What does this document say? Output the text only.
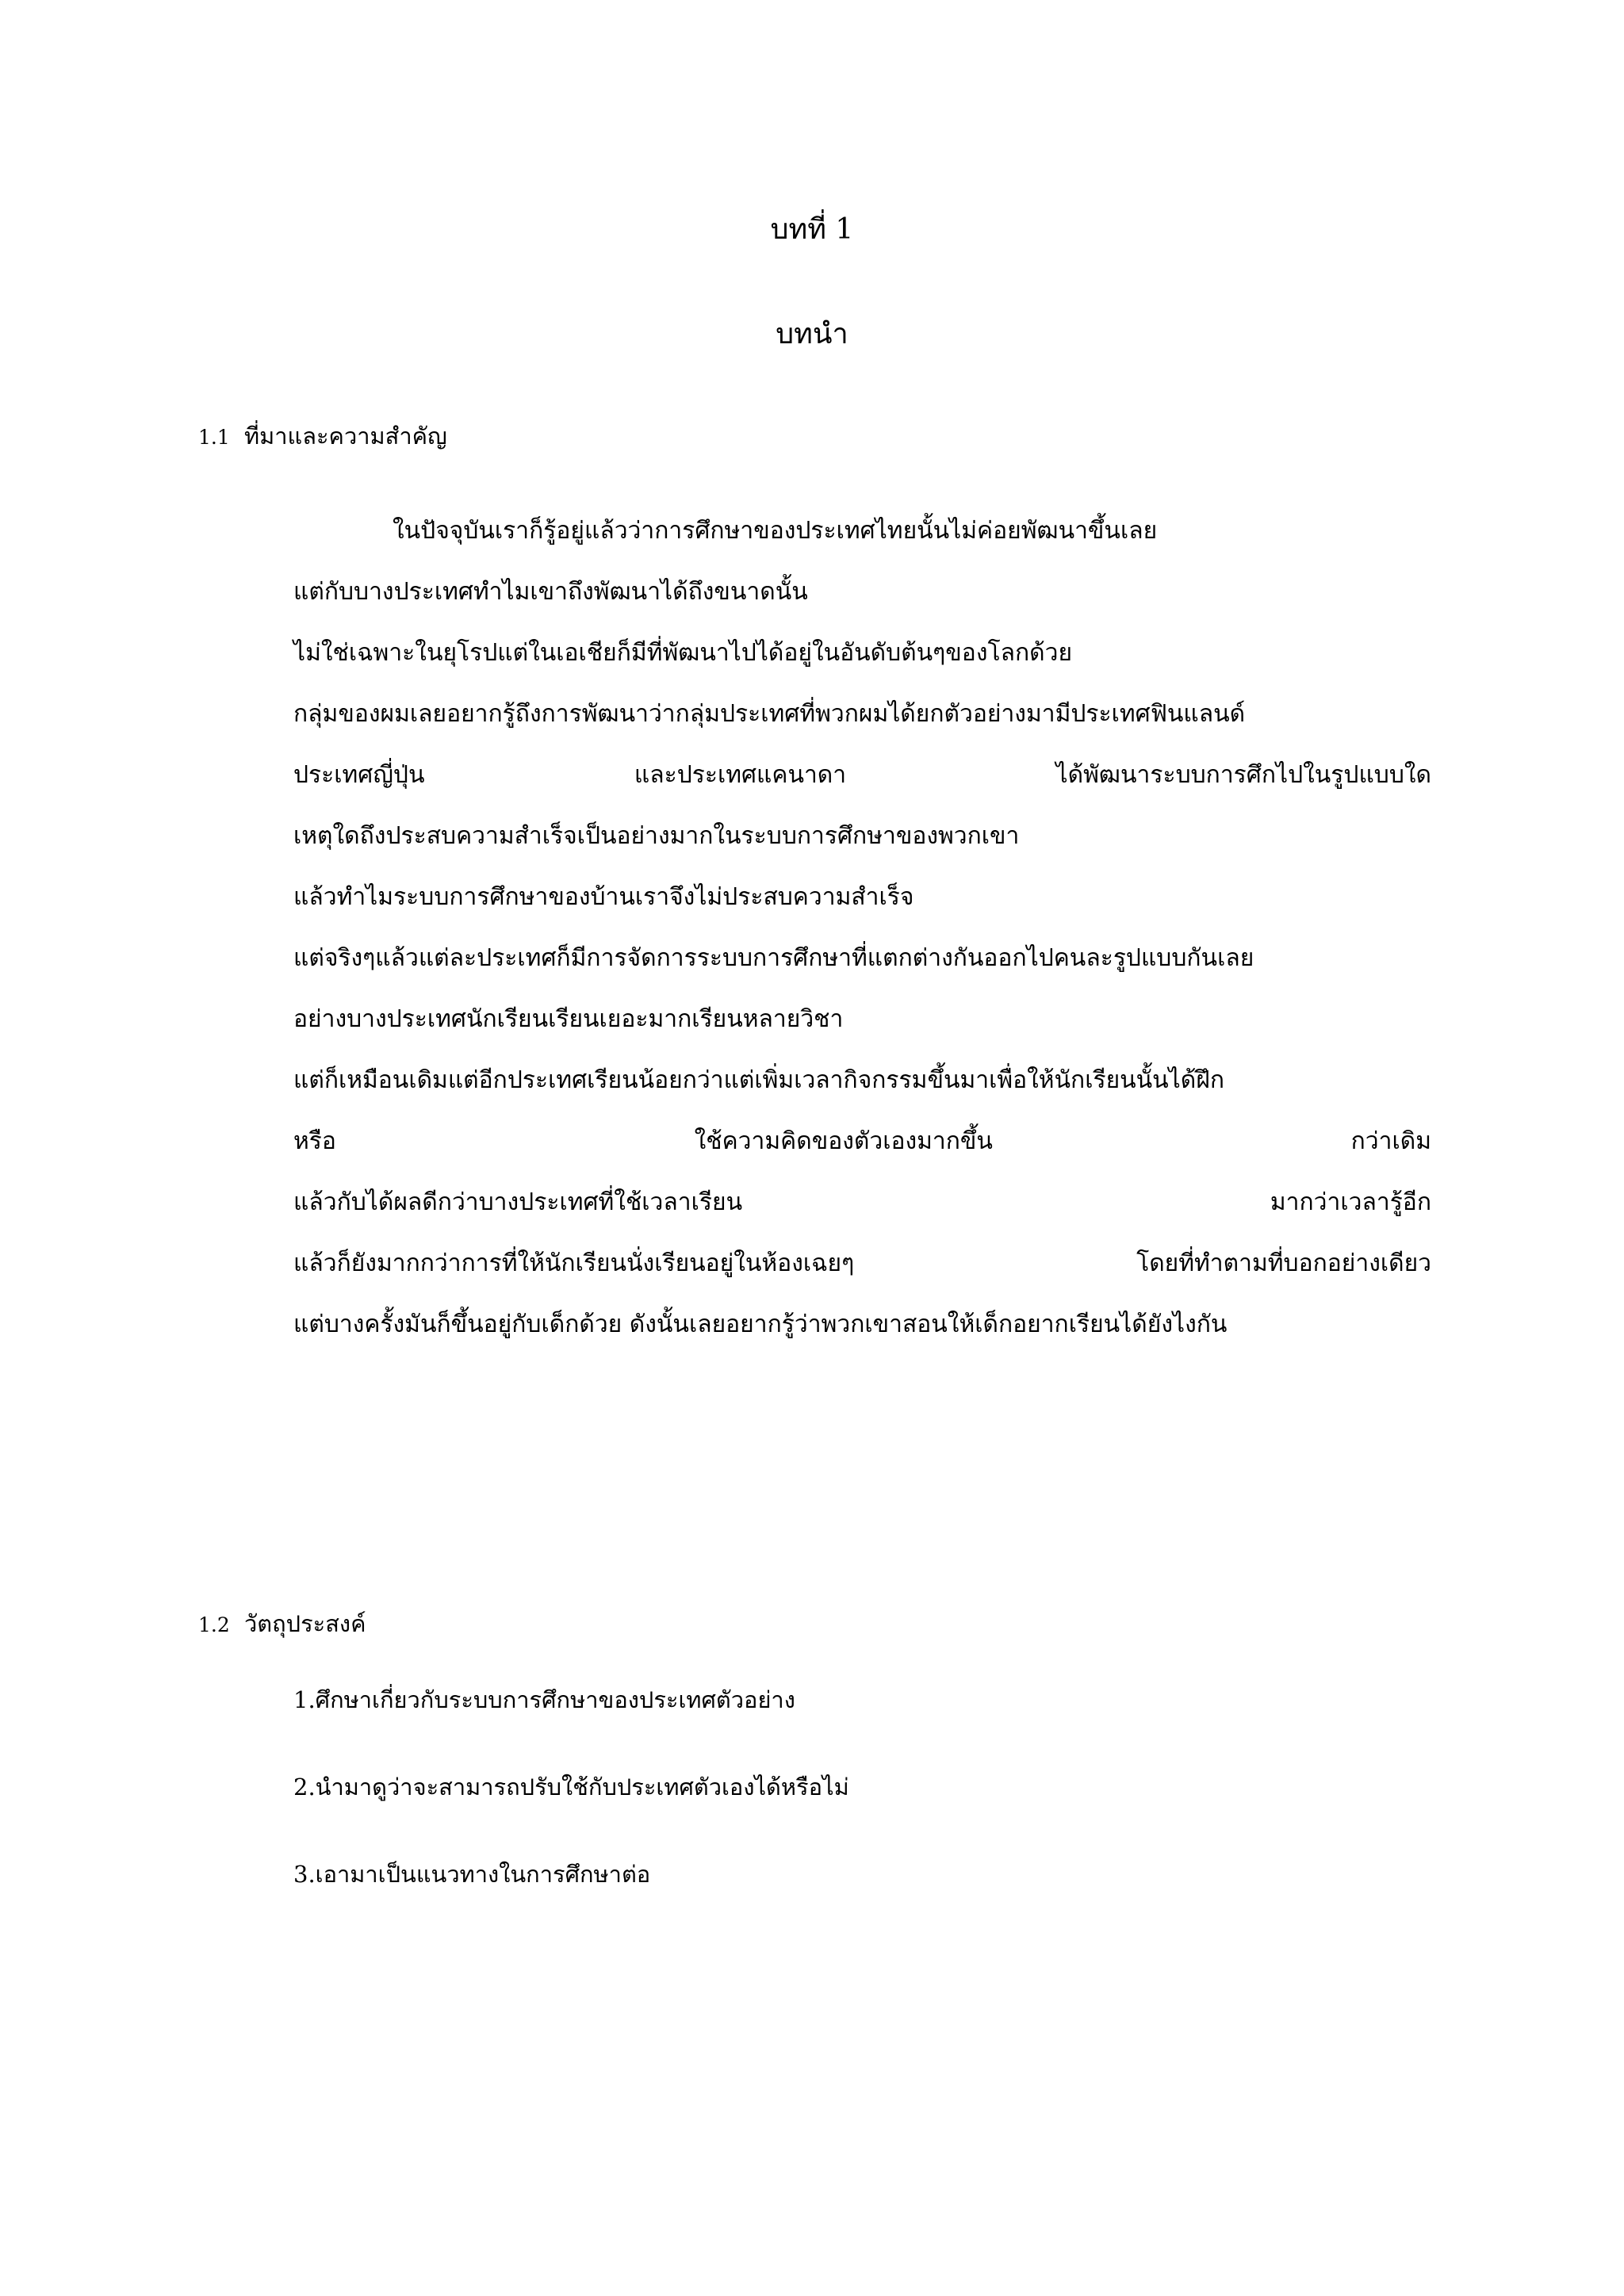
บทที่ 1
บทนำ
1.1 ที่มาและความสำคัญ
ในปัจจุบันเราก็รู้อยู่แล้วว่าการศึกษาของประเทศไทยนั้นไม่ค่อยพัฒนาขึ้นเลย
แต่กับบางประเทศทำไมเขาถึงพัฒนาได้ถึงขนาดนั้น
ไม่ใช่เฉพาะในยุโรปแต่ในเอเชียก็มีที่พัฒนาไปได้อยู่ในอันดับต้นๆของโลกด้วย
กลุ่มของผมเลยอยากรู้ถึงการพัฒนาว่ากลุ่มประเทศที่พวกผมได้ยกตัวอย่างมามีประเทศฟินแลนด์
ประเทศญี่ปุ่น และประเทศแคนาดา ได้พัฒนาระบบการศึกไปในรูปแบบใด
เหตุใดถึงประสบความสำเร็จเป็นอย่างมากในระบบการศึกษาของพวกเขา
แล้วทำไมระบบการศึกษาของบ้านเราจึงไม่ประสบความสำเร็จ
แต่จริงๆแล้วแต่ละประเทศก็มีการจัดการระบบการศึกษาที่แตกต่างกันออกไปคนละรูปแบบกันเลย
อย่างบางประเทศนักเรียนเรียนเยอะมากเรียนหลายวิชา
แต่ก็เหมือนเดิมแต่อีกประเทศเรียนน้อยกว่าแต่เพิ่มเวลากิจกรรมขึ้นมาเพื่อให้นักเรียนนั้นได้ฝึก
หรือ ใช้ความคิดของตัวเองมากขึ้น กว่าเดิม
แล้วกับได้ผลดีกว่าบางประเทศที่ใช้เวลาเรียน มากว่าเวลารู้อีก
แล้วก็ยังมากกว่าการที่ให้นักเรียนนั่งเรียนอยู่ในห้องเฉยๆ โดยที่ทำตามที่บอกอย่างเดียว
แต่บางครั้งมันก็ขึ้นอยู่กับเด็กด้วย ดังนั้นเลยอยากรู้ว่าพวกเขาสอนให้เด็กอยากเรียนได้ยังไงกัน
1.2 วัตถุประสงค์
1.ศึกษาเกี่ยวกับระบบการศึกษาของประเทศตัวอย่าง
2.นำมาดูว่าจะสามารถปรับใช้กับประเทศตัวเองได้หรือไม่
3.เอามาเป็นแนวทางในการศึกษาต่อ
